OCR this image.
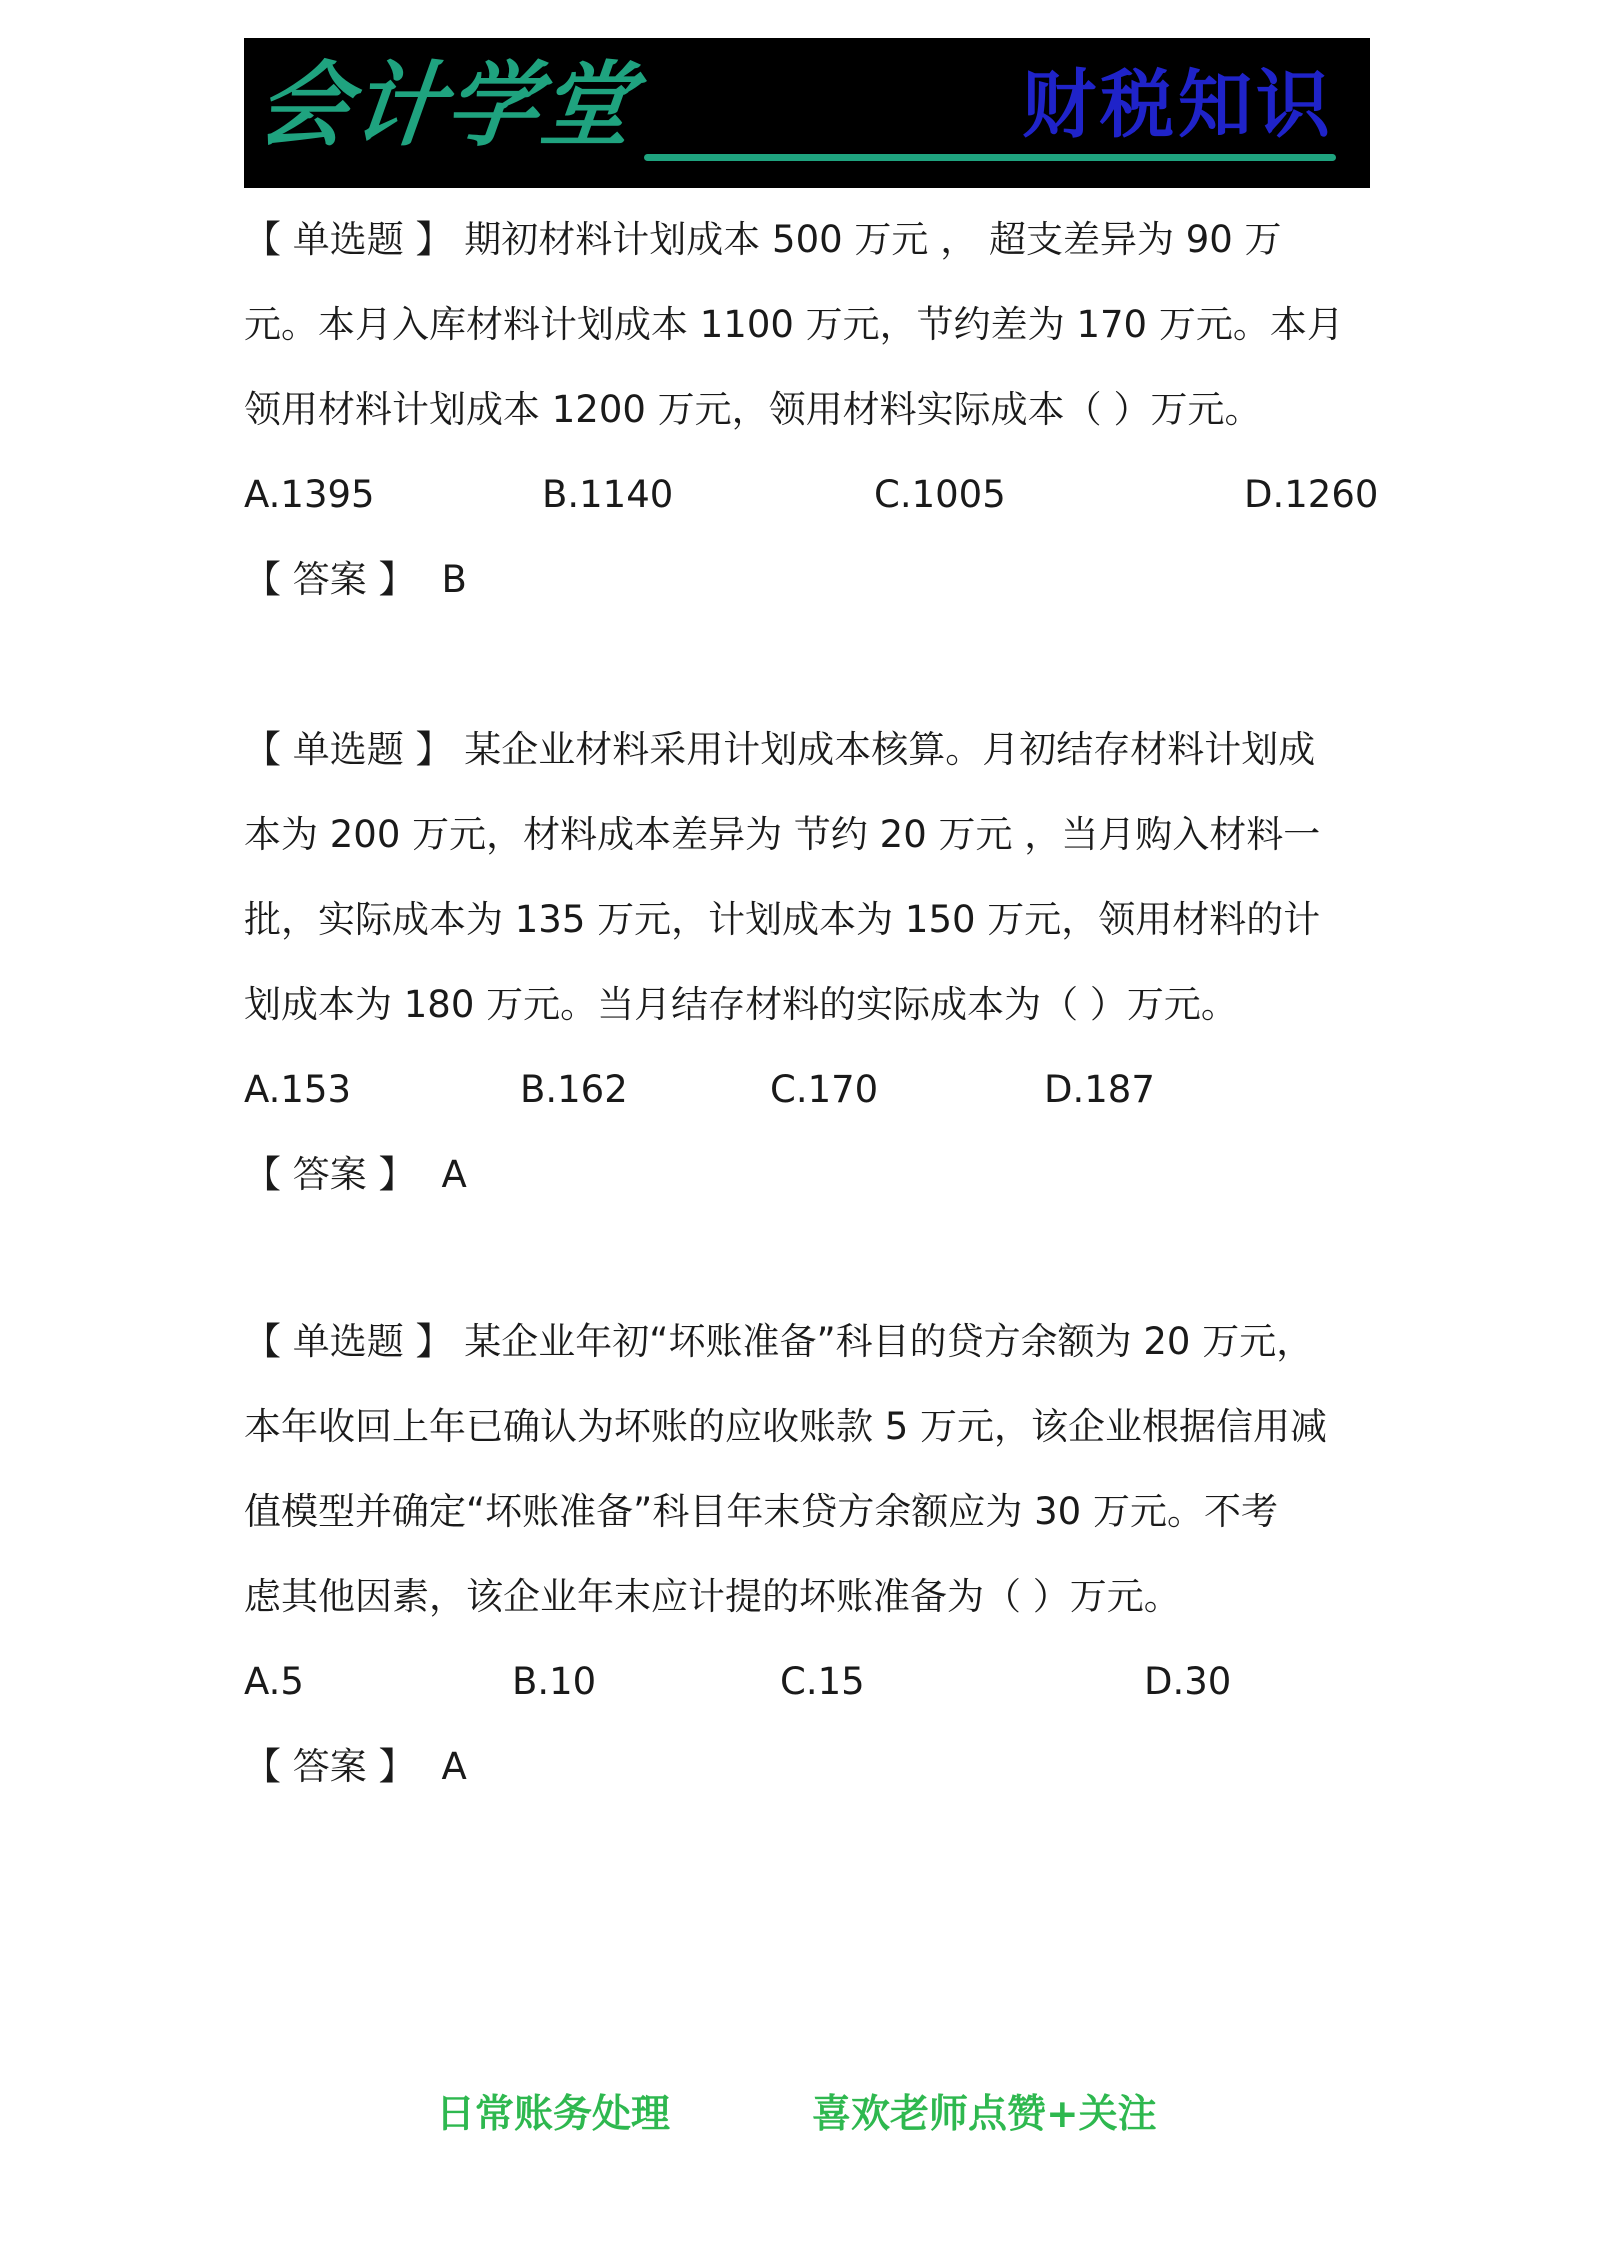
会计学堂	财税知识
【 单选题 】 期初材料计划成本 500 万元 ， 超支差异为 90 万
元。本月入库材料计划成本 1100 万元，节约差为 170 万元。本月
领用材料计划成本 1200 万元，领用材料实际成本（ ）万元。
A.1395	B.1140	C.1005	D.1260
【 答案 】 B
【 单选题 】 某企业材料采用计划成本核算。月初结存材料计划成
本为 200 万元，材料成本差异为 节约 20 万元 ，当月购入材料一
批，实际成本为 135 万元，计划成本为 150 万元，领用材料的计
划成本为 180 万元。当月结存材料的实际成本为（ ）万元。
A.153	B.162	C.170	D.187
【 答案 】 A
【 单选题 】 某企业年初“坏账准备”科目的贷方余额为 20 万元，
本年收回上年已确认为坏账的应收账款 5 万元，该企业根据信用减
值模型并确定“坏账准备”科目年末贷方余额应为 30 万元。不考
虑其他因素，该企业年末应计提的坏账准备为（ ）万元。
A.5	B.10	C.15	D.30
【 答案 】 A
日常账务处理	喜欢老师点赞+关注
